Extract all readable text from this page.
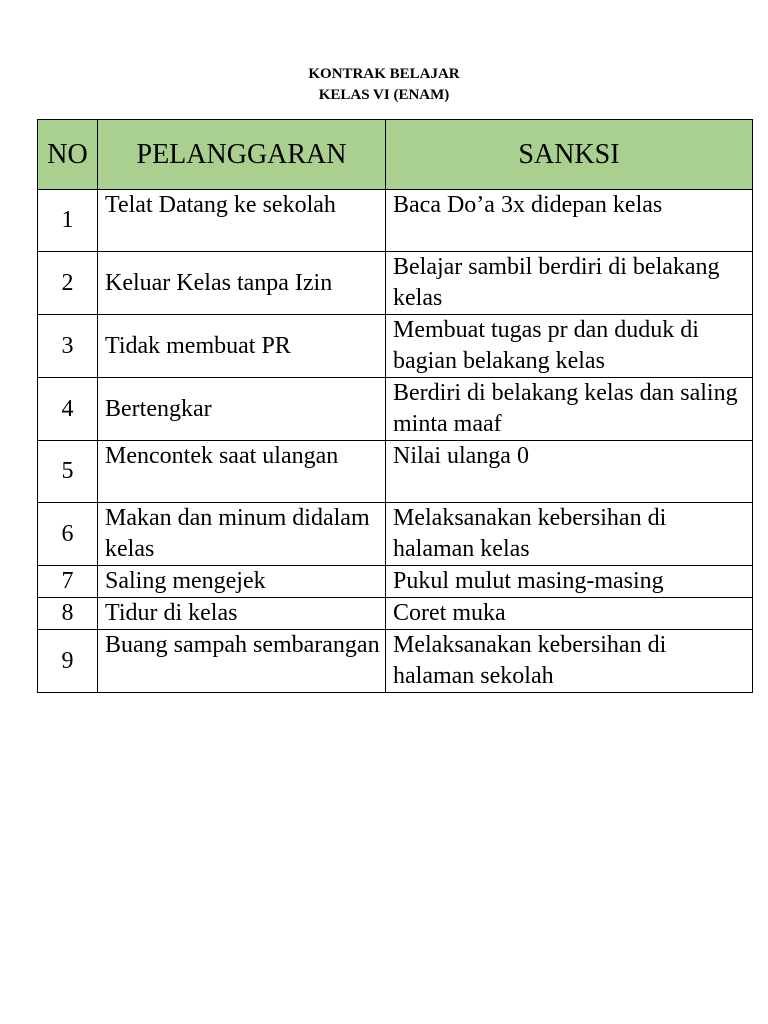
KONTRAK BELAJAR
KELAS VI (ENAM)
NO	PELANGGARAN	SANKSI
1	Telat Datang ke sekolah	Baca Do’a 3x didepan kelas
2	Keluar Kelas tanpa Izin	Belajar sambil berdiri di belakang kelas
3	Tidak membuat PR	Membuat tugas pr dan duduk di bagian belakang kelas
4	Bertengkar	Berdiri di belakang kelas dan saling minta maaf
5	Mencontek saat ulangan	Nilai ulanga 0
6	Makan dan minum didalam kelas	Melaksanakan kebersihan di halaman kelas
7	Saling mengejek	Pukul mulut masing-masing
8	Tidur di kelas	Coret muka
9	Buang sampah sembarangan	Melaksanakan kebersihan di halaman sekolah
